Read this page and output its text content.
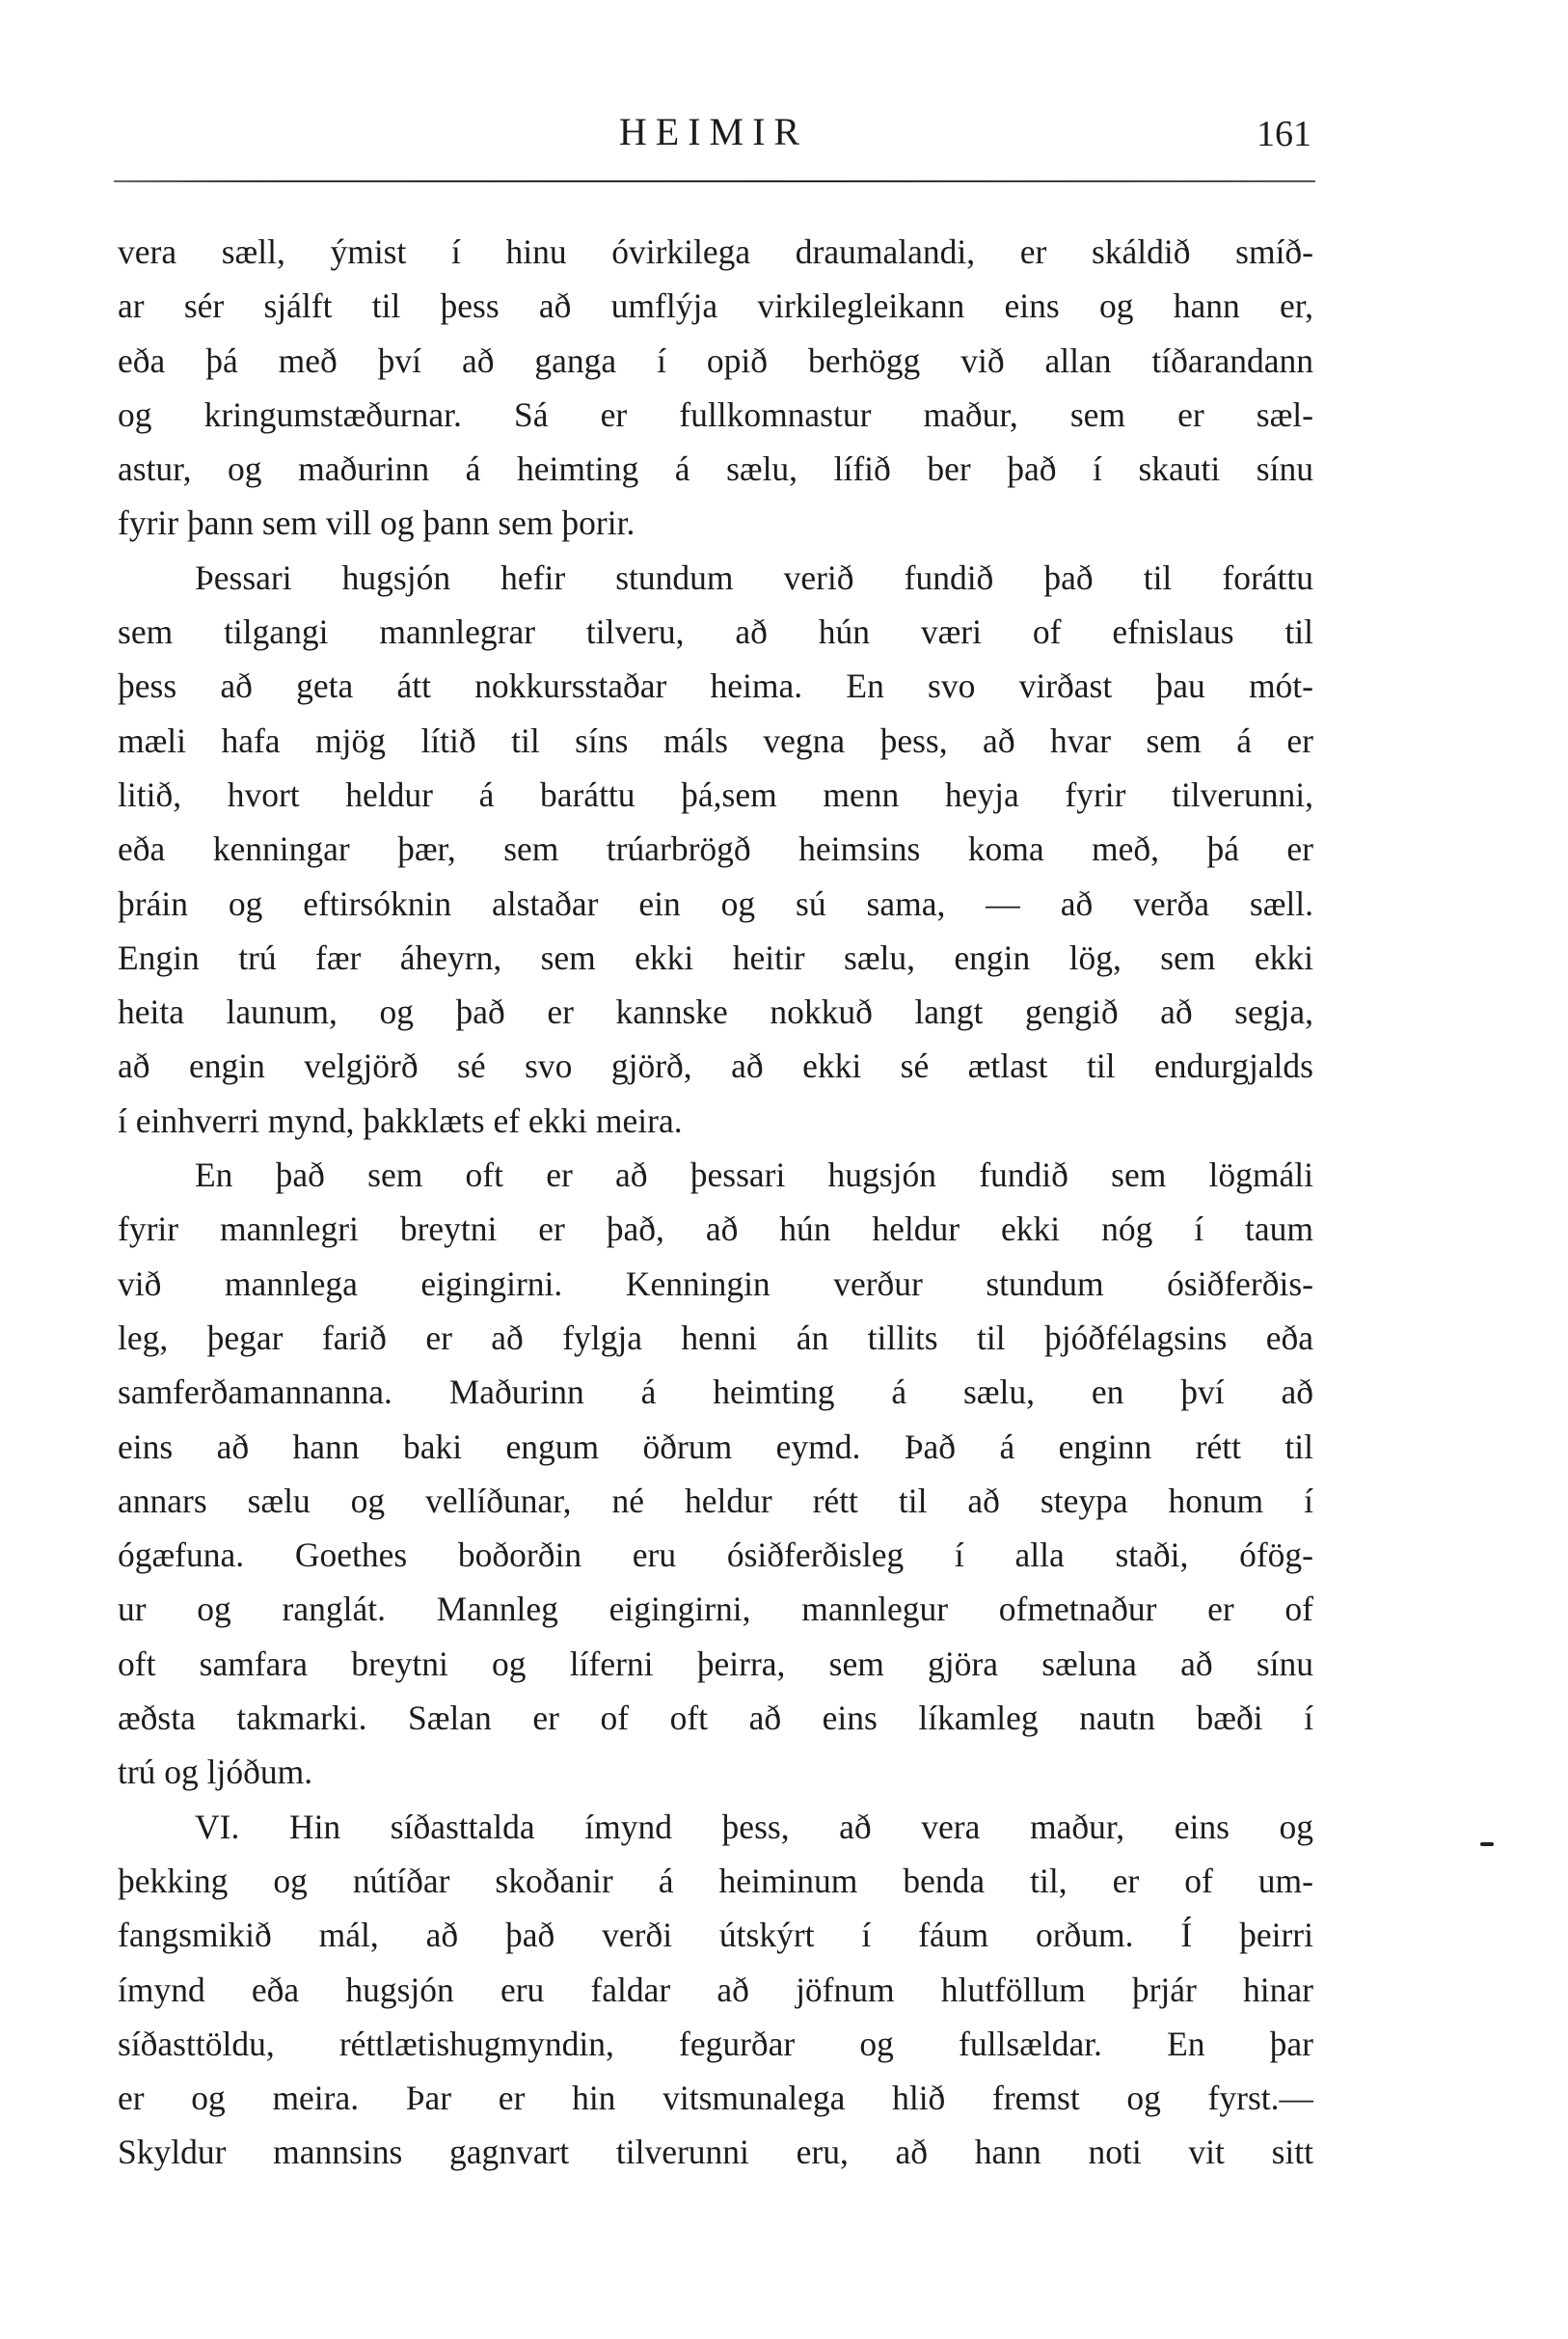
HEIMIR	161
vera sæll, ýmist í hinu óvirkilega draumalandi, er skáldið smíð-
ar sér sjálft til þess að umflýja virkilegleikann eins og hann er,
eða þá með því að ganga í opið berhögg við allan tíðarandann
og kringumstæðurnar. Sá er fullkomnastur maður, sem er sæl-
astur, og maðurinn á heimting á sælu, lífið ber það í skauti sínu
fyrir þann sem vill og þann sem þorir.
Þessari hugsjón hefir stundum verið fundið það til foráttu
sem tilgangi mannlegrar tilveru, að hún væri of efnislaus til
þess að geta átt nokkursstaðar heima. En svo virðast þau mót-
mæli hafa mjög lítið til síns máls vegna þess, að hvar sem á er
litið, hvort heldur á baráttu þá,sem menn heyja fyrir tilverunni,
eða kenningar þær, sem trúarbrögð heimsins koma með, þá er
þráin og eftirsóknin alstaðar ein og sú sama, — að verða sæll.
Engin trú fær áheyrn, sem ekki heitir sælu, engin lög, sem ekki
heita launum, og það er kannske nokkuð langt gengið að segja,
að engin velgjörð sé svo gjörð, að ekki sé ætlast til endurgjalds
í einhverri mynd, þakklæts ef ekki meira.
En það sem oft er að þessari hugsjón fundið sem lögmáli
fyrir mannlegri breytni er það, að hún heldur ekki nóg í taum
við mannlega eigingirni. Kenningin verður stundum ósiðferðis-
leg, þegar farið er að fylgja henni án tillits til þjóðfélagsins eða
samferðamannanna. Maðurinn á heimting á sælu, en því að
eins að hann baki engum öðrum eymd. Það á enginn rétt til
annars sælu og vellíðunar, né heldur rétt til að steypa honum í
ógæfuna. Goethes boðorðin eru ósiðferðisleg í alla staði, ófög-
ur og ranglát. Mannleg eigingirni, mannlegur ofmetnaður er of
oft samfara breytni og líferni þeirra, sem gjöra sæluna að sínu
æðsta takmarki. Sælan er of oft að eins líkamleg nautn bæði í
trú og ljóðum.
VI. Hin síðasttalda ímynd þess, að vera maður, eins og
þekking og nútíðar skoðanir á heiminum benda til, er of um-
fangsmikið mál, að það verði útskýrt í fáum orðum. Í þeirri
ímynd eða hugsjón eru faldar að jöfnum hlutföllum þrjár hinar
síðasttöldu, réttlætishugmyndin, fegurðar og fullsældar. En þar
er og meira. Þar er hin vitsmunalega hlið fremst og fyrst.—
Skyldur mannsins gagnvart tilverunni eru, að hann noti vit sitt
